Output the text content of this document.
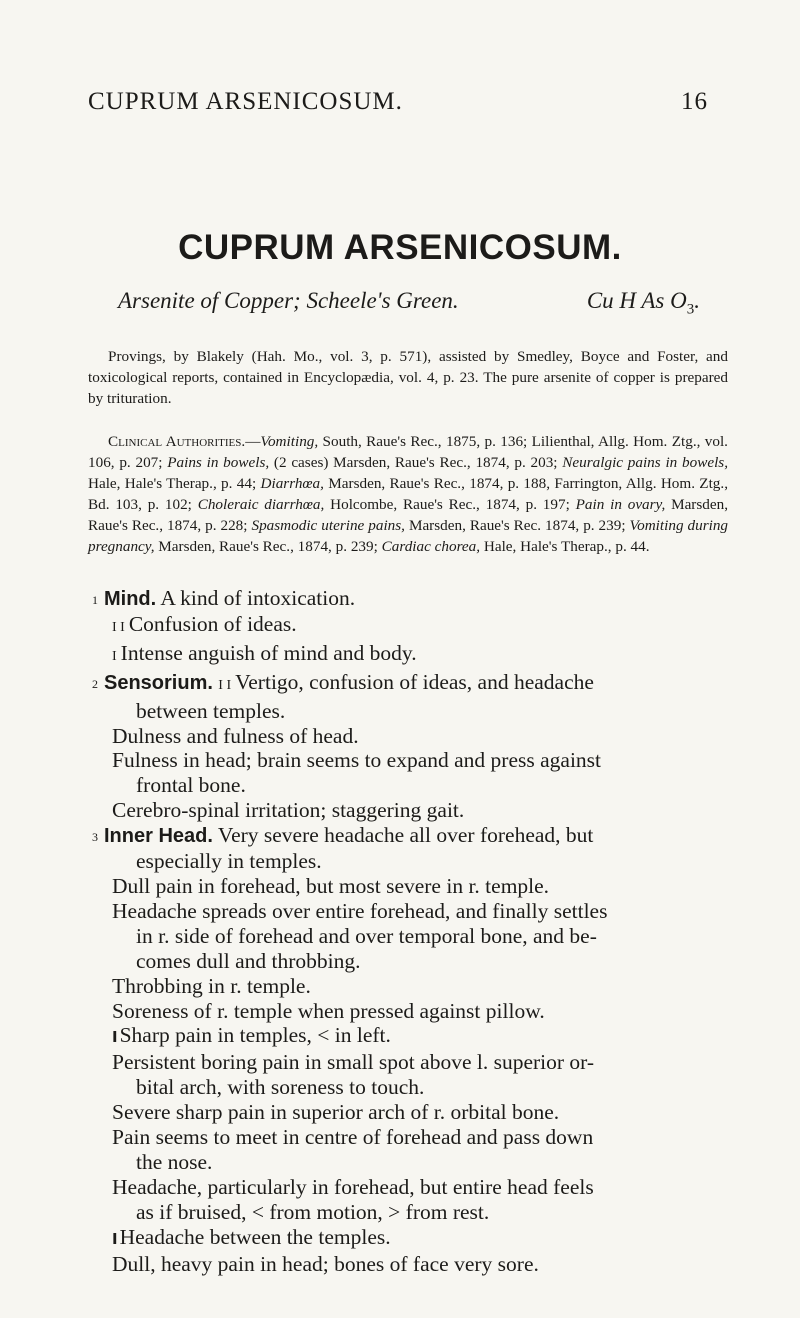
CUPRUM ARSENICOSUM.	16
CUPRUM ARSENICOSUM.
Arsenite of Copper; Scheele's Green.	Cu H As $O_3$.
Provings, by Blakely (Hah. Mo., vol. 3, p. 571), assisted by Smedley, Boyce and Foster, and toxicological reports, contained in Encyclopædia, vol. 4, p. 23. The pure arsenite of copper is prepared by trituration.
Clinical Authorities.—Vomiting, South, Raue's Rec., 1875, p. 136; Lilienthal, Allg. Hom. Ztg., vol. 106, p. 207; Pains in bowels, (2 cases) Marsden, Raue's Rec., 1874, p. 203; Neuralgic pains in bowels, Hale, Hale's Therap., p. 44; Diarrhœa, Marsden, Raue's Rec., 1874, p. 188, Farrington, Allg. Hom. Ztg., Bd. 103, p. 102; Choleraic diarrhœa, Holcombe, Raue's Rec., 1874, p. 197; Pain in ovary, Marsden, Raue's Rec., 1874, p. 228; Spasmodic uterine pains, Marsden, Raue's Rec. 1874, p. 239; Vomiting during pregnancy, Marsden, Raue's Rec., 1874, p. 239; Cardiac chorea, Hale, Hale's Therap., p. 44.
1 Mind. A kind of intoxication.
I I Confusion of ideas.
I Intense anguish of mind and body.
2 Sensorium. I I Vertigo, confusion of ideas, and headache
between temples.
Dulness and fulness of head.
Fulness in head; brain seems to expand and press against
frontal bone.
Cerebro-spinal irritation; staggering gait.
3 Inner Head. Very severe headache all over forehead, but
especially in temples.
Dull pain in forehead, but most severe in r. temple.
Headache spreads over entire forehead, and finally settles
in r. side of forehead and over temporal bone, and be-
comes dull and throbbing.
Throbbing in r. temple.
Soreness of r. temple when pressed against pillow.
ISharp pain in temples, < in left.
Persistent boring pain in small spot above l. superior or-
bital arch, with soreness to touch.
Severe sharp pain in superior arch of r. orbital bone.
Pain seems to meet in centre of forehead and pass down
the nose.
Headache, particularly in forehead, but entire head feels
as if bruised, < from motion, > from rest.
IHeadache between the temples.
Dull, heavy pain in head; bones of face very sore.
